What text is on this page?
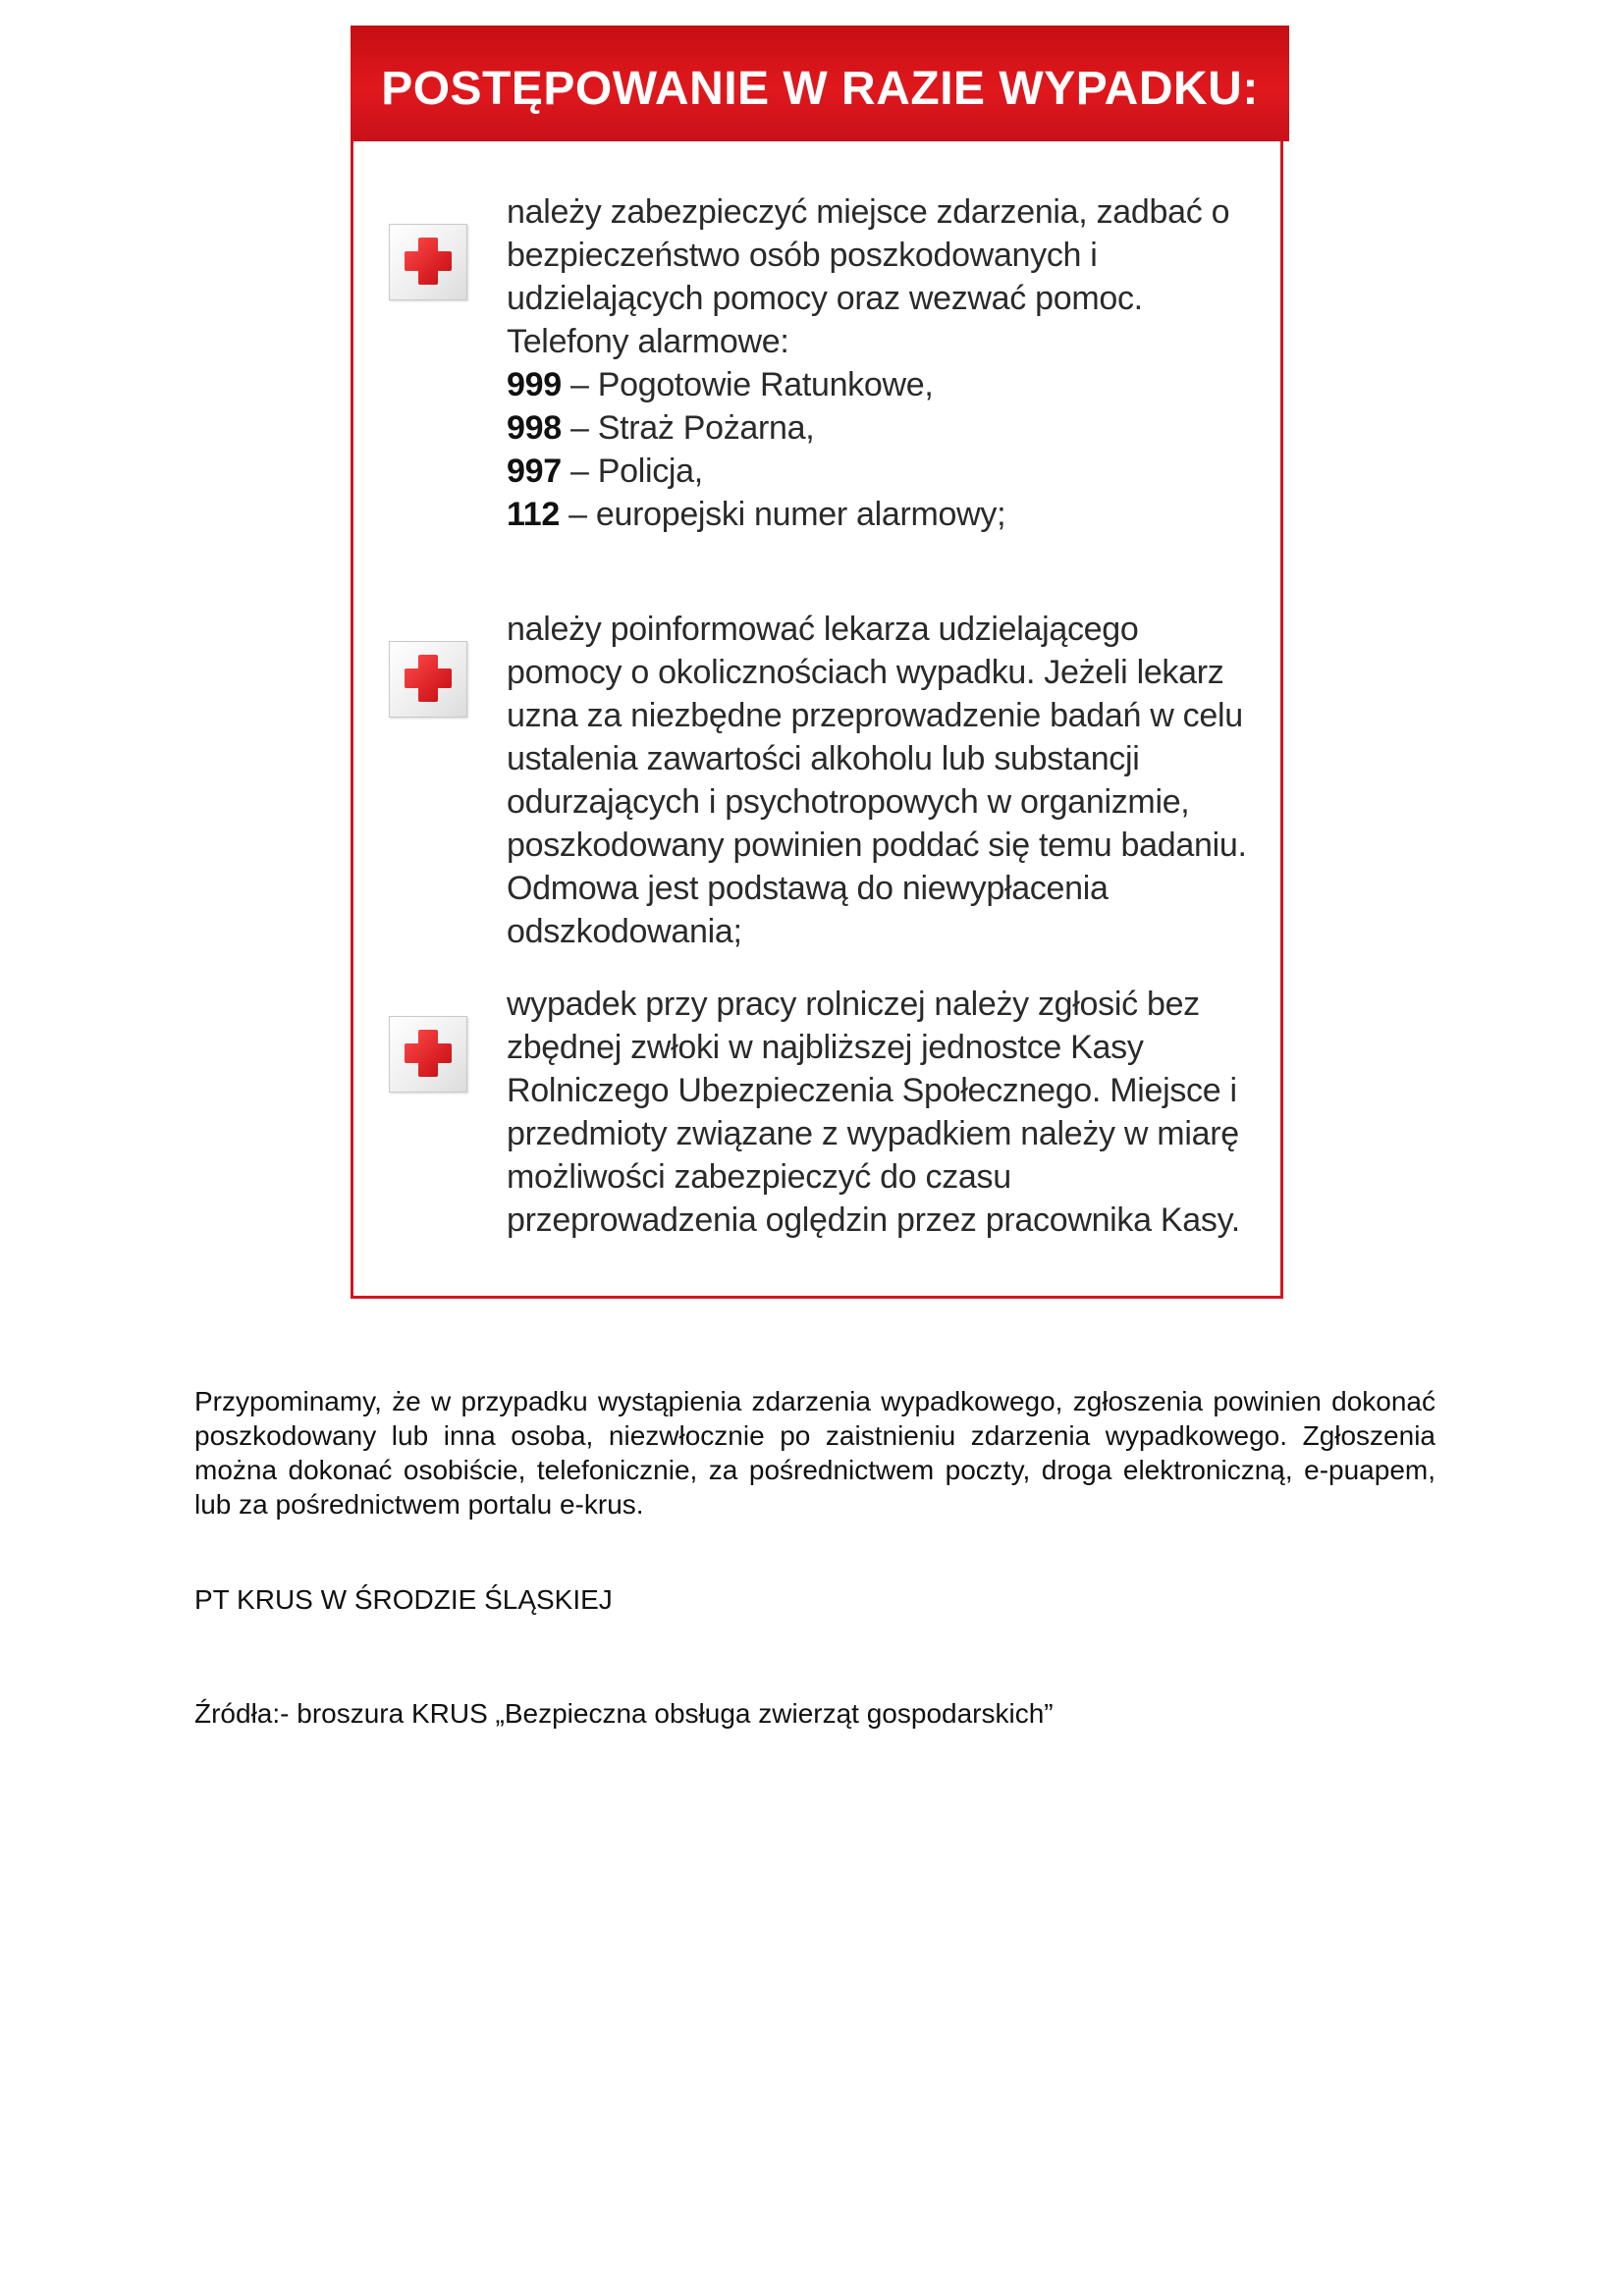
POSTĘPOWANIE W RAZIE WYPADKU:

należy zabezpieczyć miejsce zdarzenia, zadbać o bezpieczeństwo osób poszkodowanych i udzielających pomocy oraz wezwać pomoc.

Telefony alarmowe:

999 – Pogotowie Ratunkowe,
998 – Straż Pożarna,
997 – Policja,
112 – europejski numer alarmowy;

należy poinformować lekarza udzielającego pomocy o okolicznościach wypadku. Jeżeli lekarz uzna za niezbędne przeprowadzenie badań w celu ustalenia zawartości alkoholu lub substancji odurzających i psychotropowych w organizmie, poszkodowany powinien poddać się temu badaniu. Odmowa jest podstawą do niewypłacenia odszkodowania;

wypadek przy pracy rolniczej należy zgłosić bez zbędnej zwłoki w najbliższej jednostce Kasy Rolniczego Ubezpieczenia Społecznego. Miejsce i przedmioty związane z wypadkiem należy w miarę możliwości zabezpieczyć do czasu przeprowadzenia oględzin przez pracownika Kasy.

Przypominamy, że w przypadku wystąpienia zdarzenia wypadkowego, zgłoszenia powinien dokonać poszkodowany lub inna osoba, niezwłocznie po zaistnieniu zdarzenia wypadkowego. Zgłoszenia można dokonać osobiście, telefonicznie, za pośrednictwem poczty, droga elektroniczną, e-puapem, lub za pośrednictwem portalu e-krus.

PT KRUS W ŚRODZIE ŚLĄSKIEJ

Źródła:- broszura KRUS „Bezpieczna obsługa zwierząt gospodarskich”
